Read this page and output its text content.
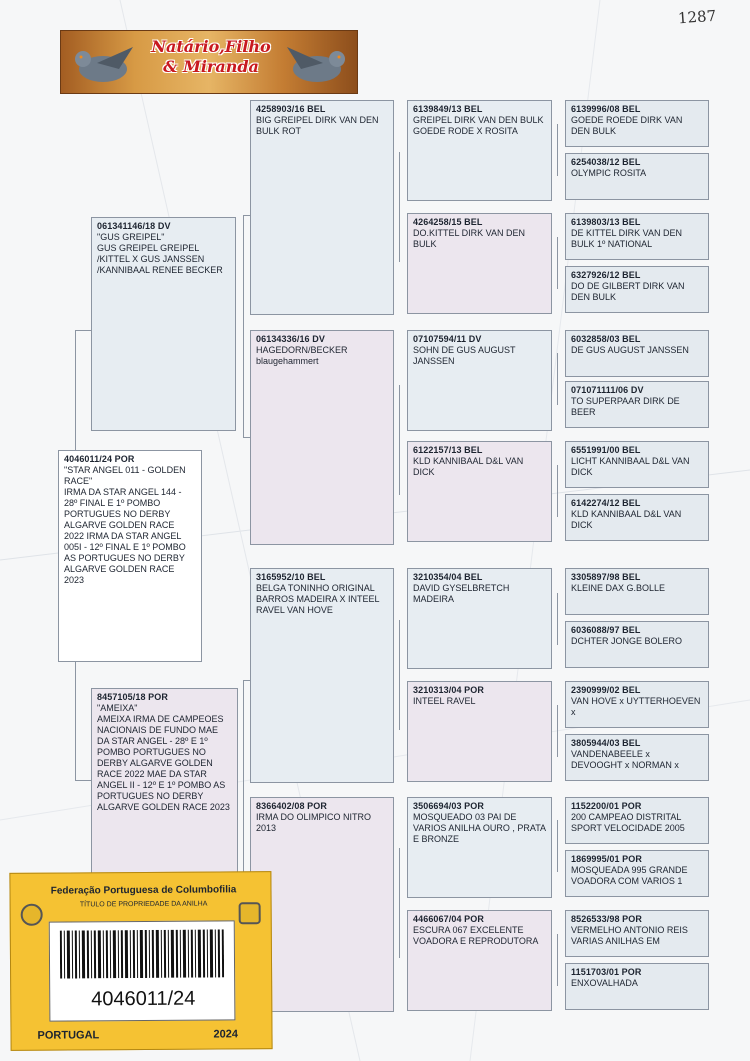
1287
Natário,Filho
& Miranda
4046011/24 POR
"STAR ANGEL 011 - GOLDEN RACE"
IRMA DA STAR ANGEL 144 - 28º FINAL E 1º POMBO PORTUGUES NO DERBY ALGARVE GOLDEN RACE 2022 IRMA DA STAR ANGEL 005I - 12º FINAL E 1º POMBO AS PORTUGUES NO DERBY ALGARVE GOLDEN RACE 2023
061341146/18 DV
"GUS GREIPEL"
GUS GREIPEL GREIPEL /KITTEL X GUS JANSSEN /KANNIBAAL RENEE BECKER
8457105/18 POR
"AMEIXA"
AMEIXA IRMA DE CAMPEOES NACIONAIS DE FUNDO MAE DA STAR ANGEL - 28º E 1º POMBO PORTUGUES NO DERBY ALGARVE GOLDEN RACE 2022 MAE DA STAR ANGEL II - 12º E 1º POMBO AS PORTUGUES NO DERBY ALGARVE GOLDEN RACE 2023
4258903/16 BEL
BIG GREIPEL DIRK VAN DEN BULK ROT
06134336/16 DV
HAGEDORN/BECKER
blaugehammert
3165952/10 BEL
BELGA TONINHO ORIGINAL BARROS MADEIRA X INTEEL RAVEL VAN HOVE
8366402/08 POR
IRMA DO OLIMPICO NITRO 2013
6139849/13 BEL
GREIPEL DIRK VAN DEN BULK GOEDE RODE X ROSITA
4264258/15 BEL
DO.KITTEL DIRK VAN DEN BULK
07107594/11 DV
SOHN DE GUS AUGUST JANSSEN
6122157/13 BEL
KLD KANNIBAAL D&L VAN DICK
3210354/04 BEL
DAVID GYSELBRETCH MADEIRA
3210313/04 POR
INTEEL RAVEL
3506694/03 POR
MOSQUEADO 03 PAI DE VARIOS ANILHA OURO , PRATA E BRONZE
4466067/04 POR
ESCURA 067 EXCELENTE VOADORA E REPRODUTORA
6139996/08 BEL
GOEDE ROEDE DIRK VAN DEN BULK
6254038/12 BEL
OLYMPIC ROSITA
6139803/13 BEL
DE KITTEL DIRK VAN DEN BULK 1º NATIONAL
6327926/12 BEL
DO DE GILBERT DIRK VAN DEN BULK
6032858/03 BEL
DE GUS AUGUST JANSSEN
071071111/06 DV
TO SUPERPAAR DIRK DE BEER
6551991/00 BEL
LICHT KANNIBAAL D&L VAN DICK
6142274/12 BEL
KLD KANNIBAAL D&L VAN DICK
3305897/98 BEL
KLEINE DAX G.BOLLE
6036088/97 BEL
DCHTER JONGE BOLERO
2390999/02 BEL
VAN HOVE x UYTTERHOEVEN x
3805944/03 BEL
VANDENABEELE x DEVOOGHT x NORMAN x
1152200/01 POR
200 CAMPEAO DISTRITAL SPORT VELOCIDADE 2005
1869995/01 POR
MOSQUEADA 995 GRANDE VOADORA COM VARIOS 1
8526533/98 POR
VERMELHO ANTONIO REIS VARIAS ANILHAS EM
1151703/01 POR
ENXOVALHADA
Federação Portuguesa de Columbofilia
TÍTULO DE PROPRIEDADE DA ANILHA
4046011/24
PORTUGAL	2024
